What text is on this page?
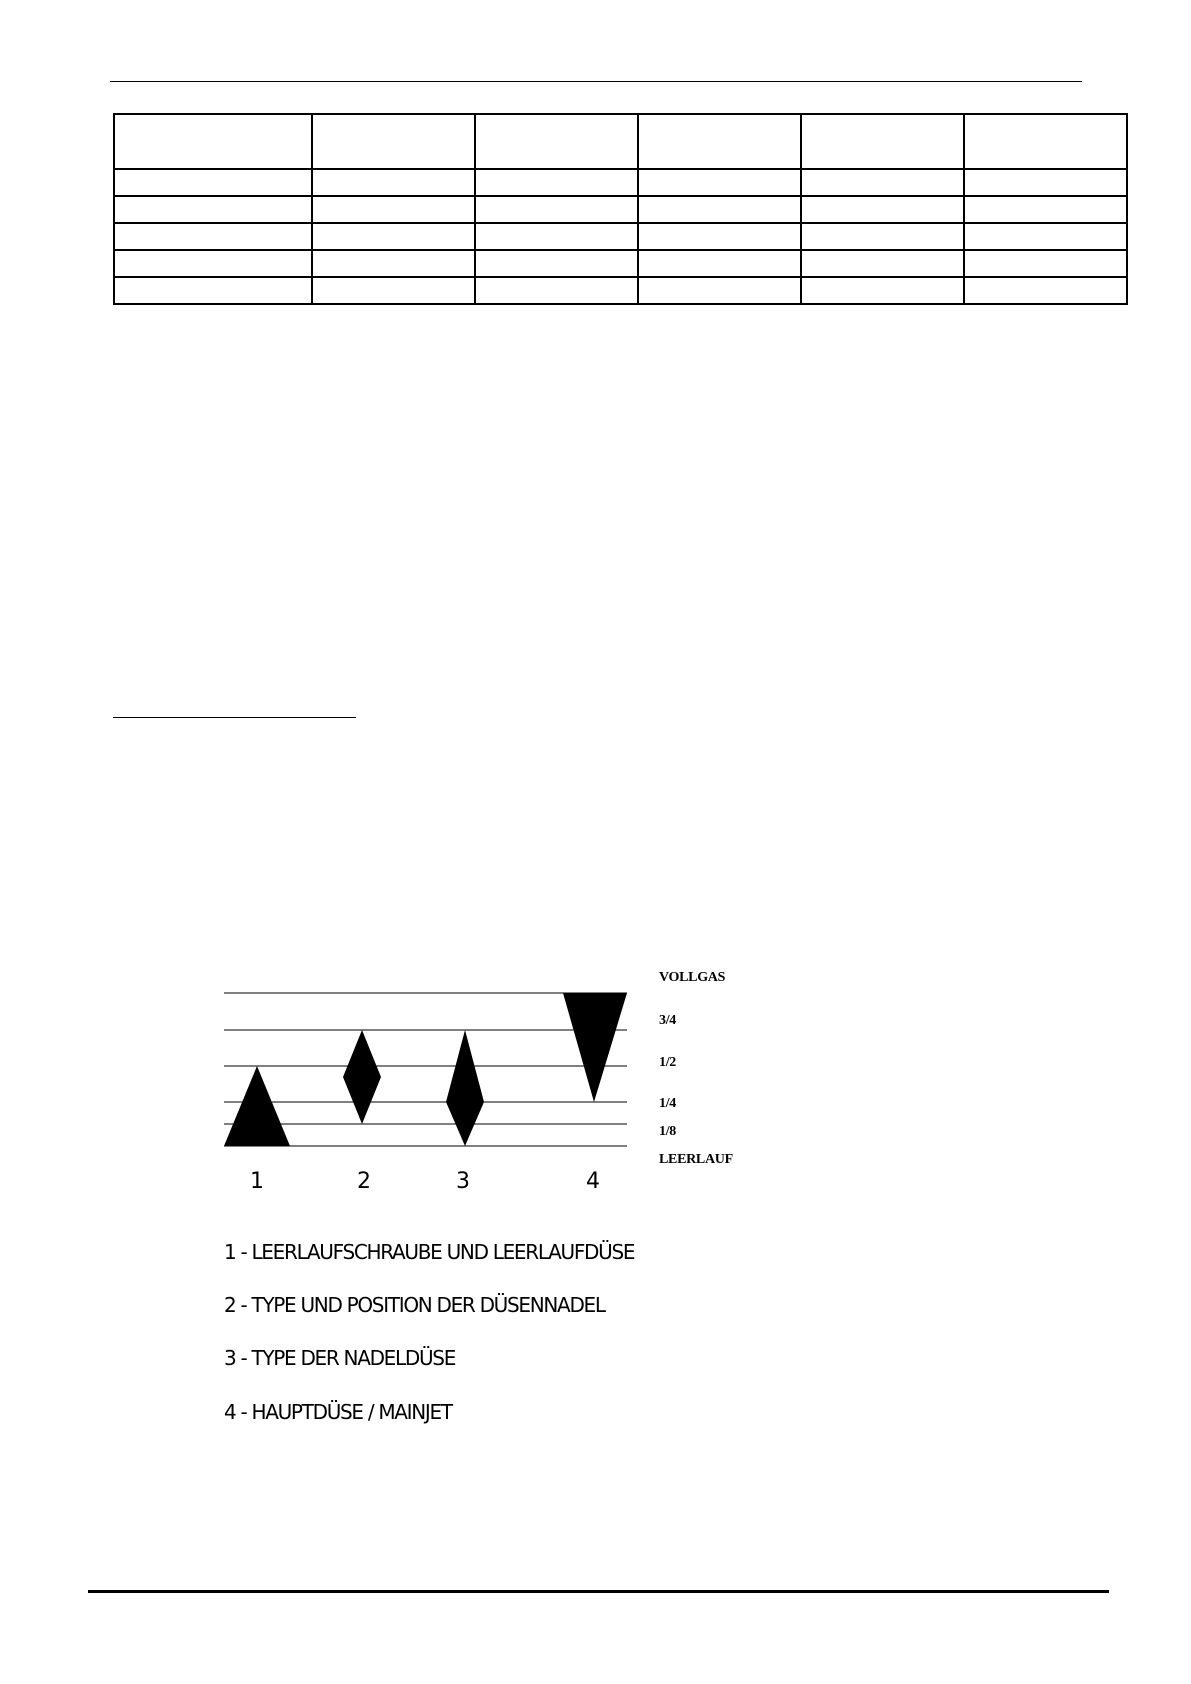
VOLLGAS
3/4
1/2
1/4
1/8
LEERLAUF
1	2	3	4
1 - LEERLAUFSCHRAUBE UND LEERLAUFDÜSE
2 - TYPE UND POSITION DER DÜSENNADEL
3 - TYPE DER NADELDÜSE
4 - HAUPTDÜSE / MAINJET
